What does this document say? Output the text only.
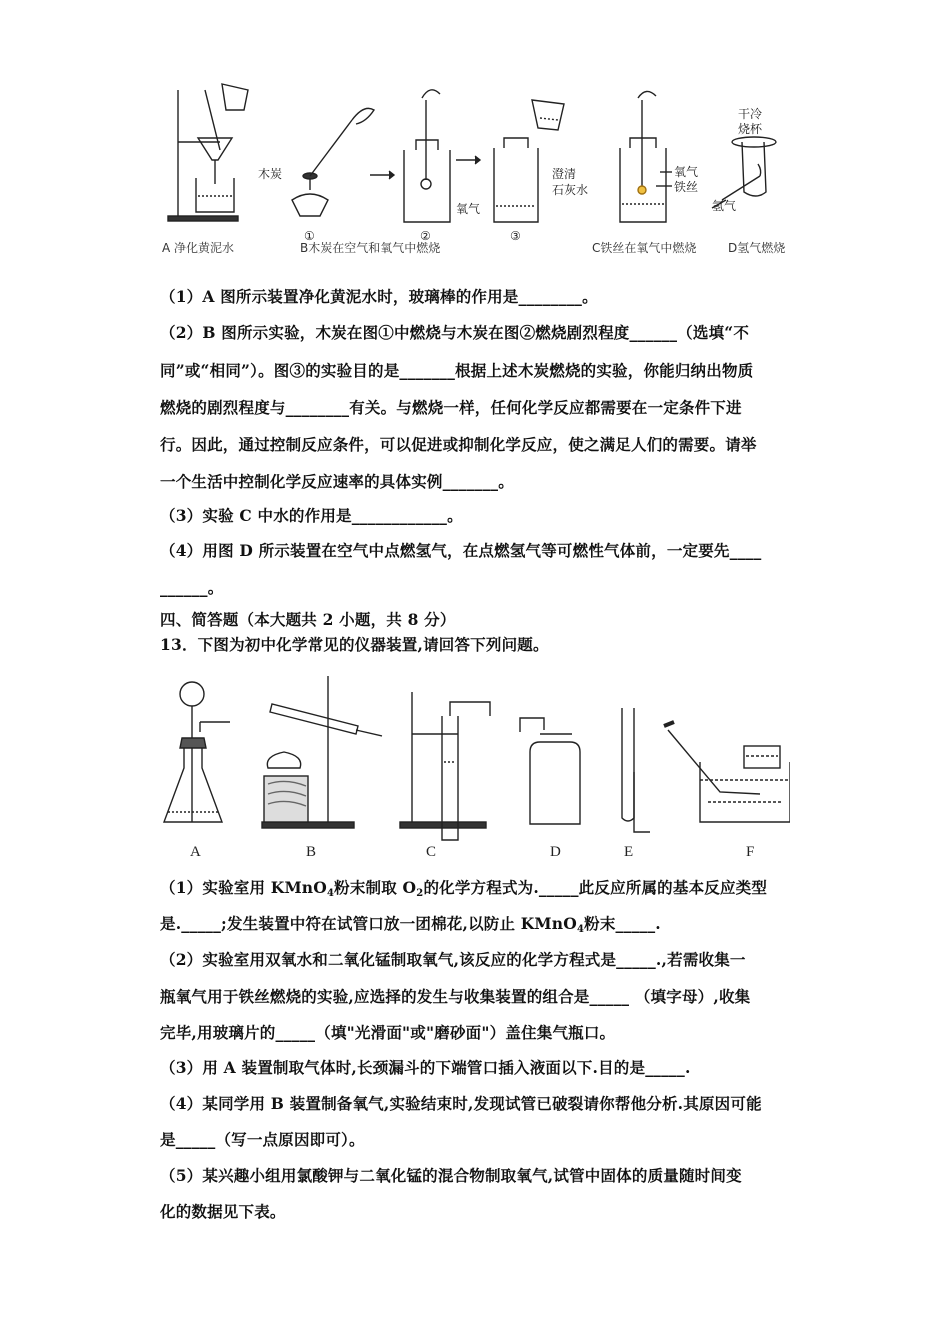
木炭
①	②	③
氧气
澄清
石灰水
氧气
铁丝
干冷
烧杯
氢气
A 净化黄泥水	B木炭在空气和氧气中燃烧	C铁丝在氧气中燃烧	D氢气燃烧
（1）A 图所示装置净化黄泥水时，玻璃棒的作用是________。
（2）B 图所示实验，木炭在图①中燃烧与木炭在图②燃烧剧烈程度______（选填“不
同”或“相同”）。图③的实验目的是_______根据上述木炭燃烧的实验，你能归纳出物质
燃烧的剧烈程度与________有关。与燃烧一样，任何化学反应都需要在一定条件下进
行。因此，通过控制反应条件，可以促进或抑制化学反应，使之满足人们的需要。请举
一个生活中控制化学反应速率的具体实例_______。
（3）实验 C 中水的作用是____________。
（4）用图 D 所示装置在空气中点燃氢气，在点燃氢气等可燃性气体前，一定要先____
______。
四、简答题（本大题共 2 小题，共 8 分）
13．下图为初中化学常见的仪器装置,请回答下列问题。
A	B	C	D	E	F
（1）实验室用 KMnO$_4$粉末制取 $O_2$的化学方程式为._____此反应所属的基本反应类型
是._____;发生装置中符在试管口放一团棉花,以防止 KMnO$_4$粉末_____.
（2）实验室用双氧水和二氧化锰制取氧气,该反应的化学方程式是_____.,若需收集一
瓶氧气用于铁丝燃烧的实验,应选择的发生与收集装置的组合是_____ （填字母）,收集
完毕,用玻璃片的_____（填"光滑面"或"磨砂面"）盖住集气瓶口。
（3）用 A 装置制取气体时,长颈漏斗的下端管口插入液面以下.目的是_____.
（4）某同学用 B 装置制备氧气,实验结束时,发现试管已破裂请你帮他分析.其原因可能
是_____（写一点原因即可）。
（5）某兴趣小组用氯酸钾与二氧化锰的混合物制取氧气,试管中固体的质量随时间变
化的数据见下表。
